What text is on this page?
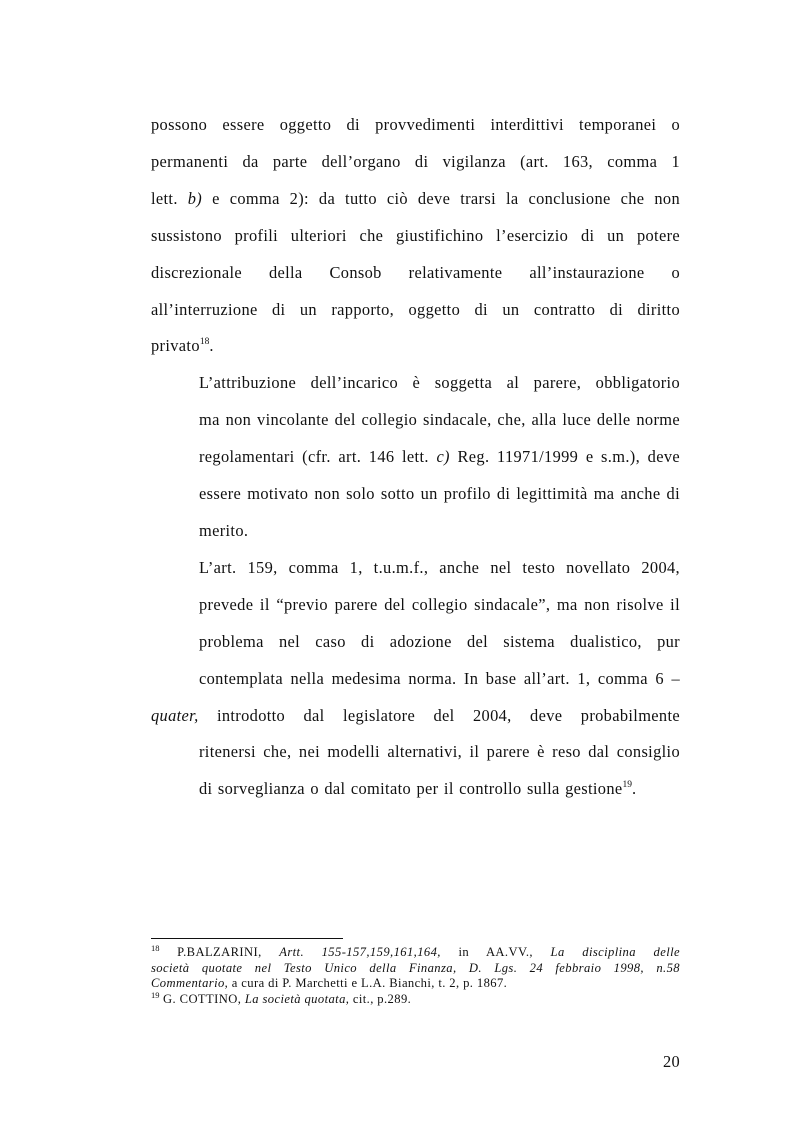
possono essere oggetto di provvedimenti interdittivi temporanei o
permanenti da parte dell’organo di vigilanza (art. 163, comma 1
lett. b) e comma 2): da tutto ciò deve trarsi la conclusione che non
sussistono profili ulteriori che giustifichino l’esercizio di un potere
discrezionale della Consob relativamente all’instaurazione o
all’interruzione di un rapporto, oggetto di un contratto di diritto
privato$^{18}$.

L’attribuzione dell’incarico è soggetta al parere, obbligatorio
ma non vincolante del collegio sindacale, che, alla luce delle norme
regolamentari (cfr. art. 146 lett. c) Reg. 11971/1999 e s.m.), deve
essere motivato non solo sotto un profilo di legittimità ma anche di
merito.

L’art. 159, comma 1, t.u.m.f., anche nel testo novellato 2004,
prevede il “previo parere del collegio sindacale”, ma non risolve il
problema nel caso di adozione del sistema dualistico, pur
contemplata nella medesima norma. In base all’art. 1, comma 6 –
quater, introdotto dal legislatore del 2004, deve probabilmente
ritenersi che, nei modelli alternativi, il parere è reso dal consiglio
di sorveglianza o dal comitato per il controllo sulla gestione$^{19}$.

$^{18}$ P.BALZARINI, Artt. 155-157,159,161,164, in AA.VV., La disciplina delle
società quotate nel Testo Unico della Finanza, D. Lgs. 24 febbraio 1998, n.58
Commentario, a cura di P. Marchetti e L.A. Bianchi, t. 2, p. 1867.

$^{19}$ G. COTTINO, La società quotata, cit., p.289.

20
